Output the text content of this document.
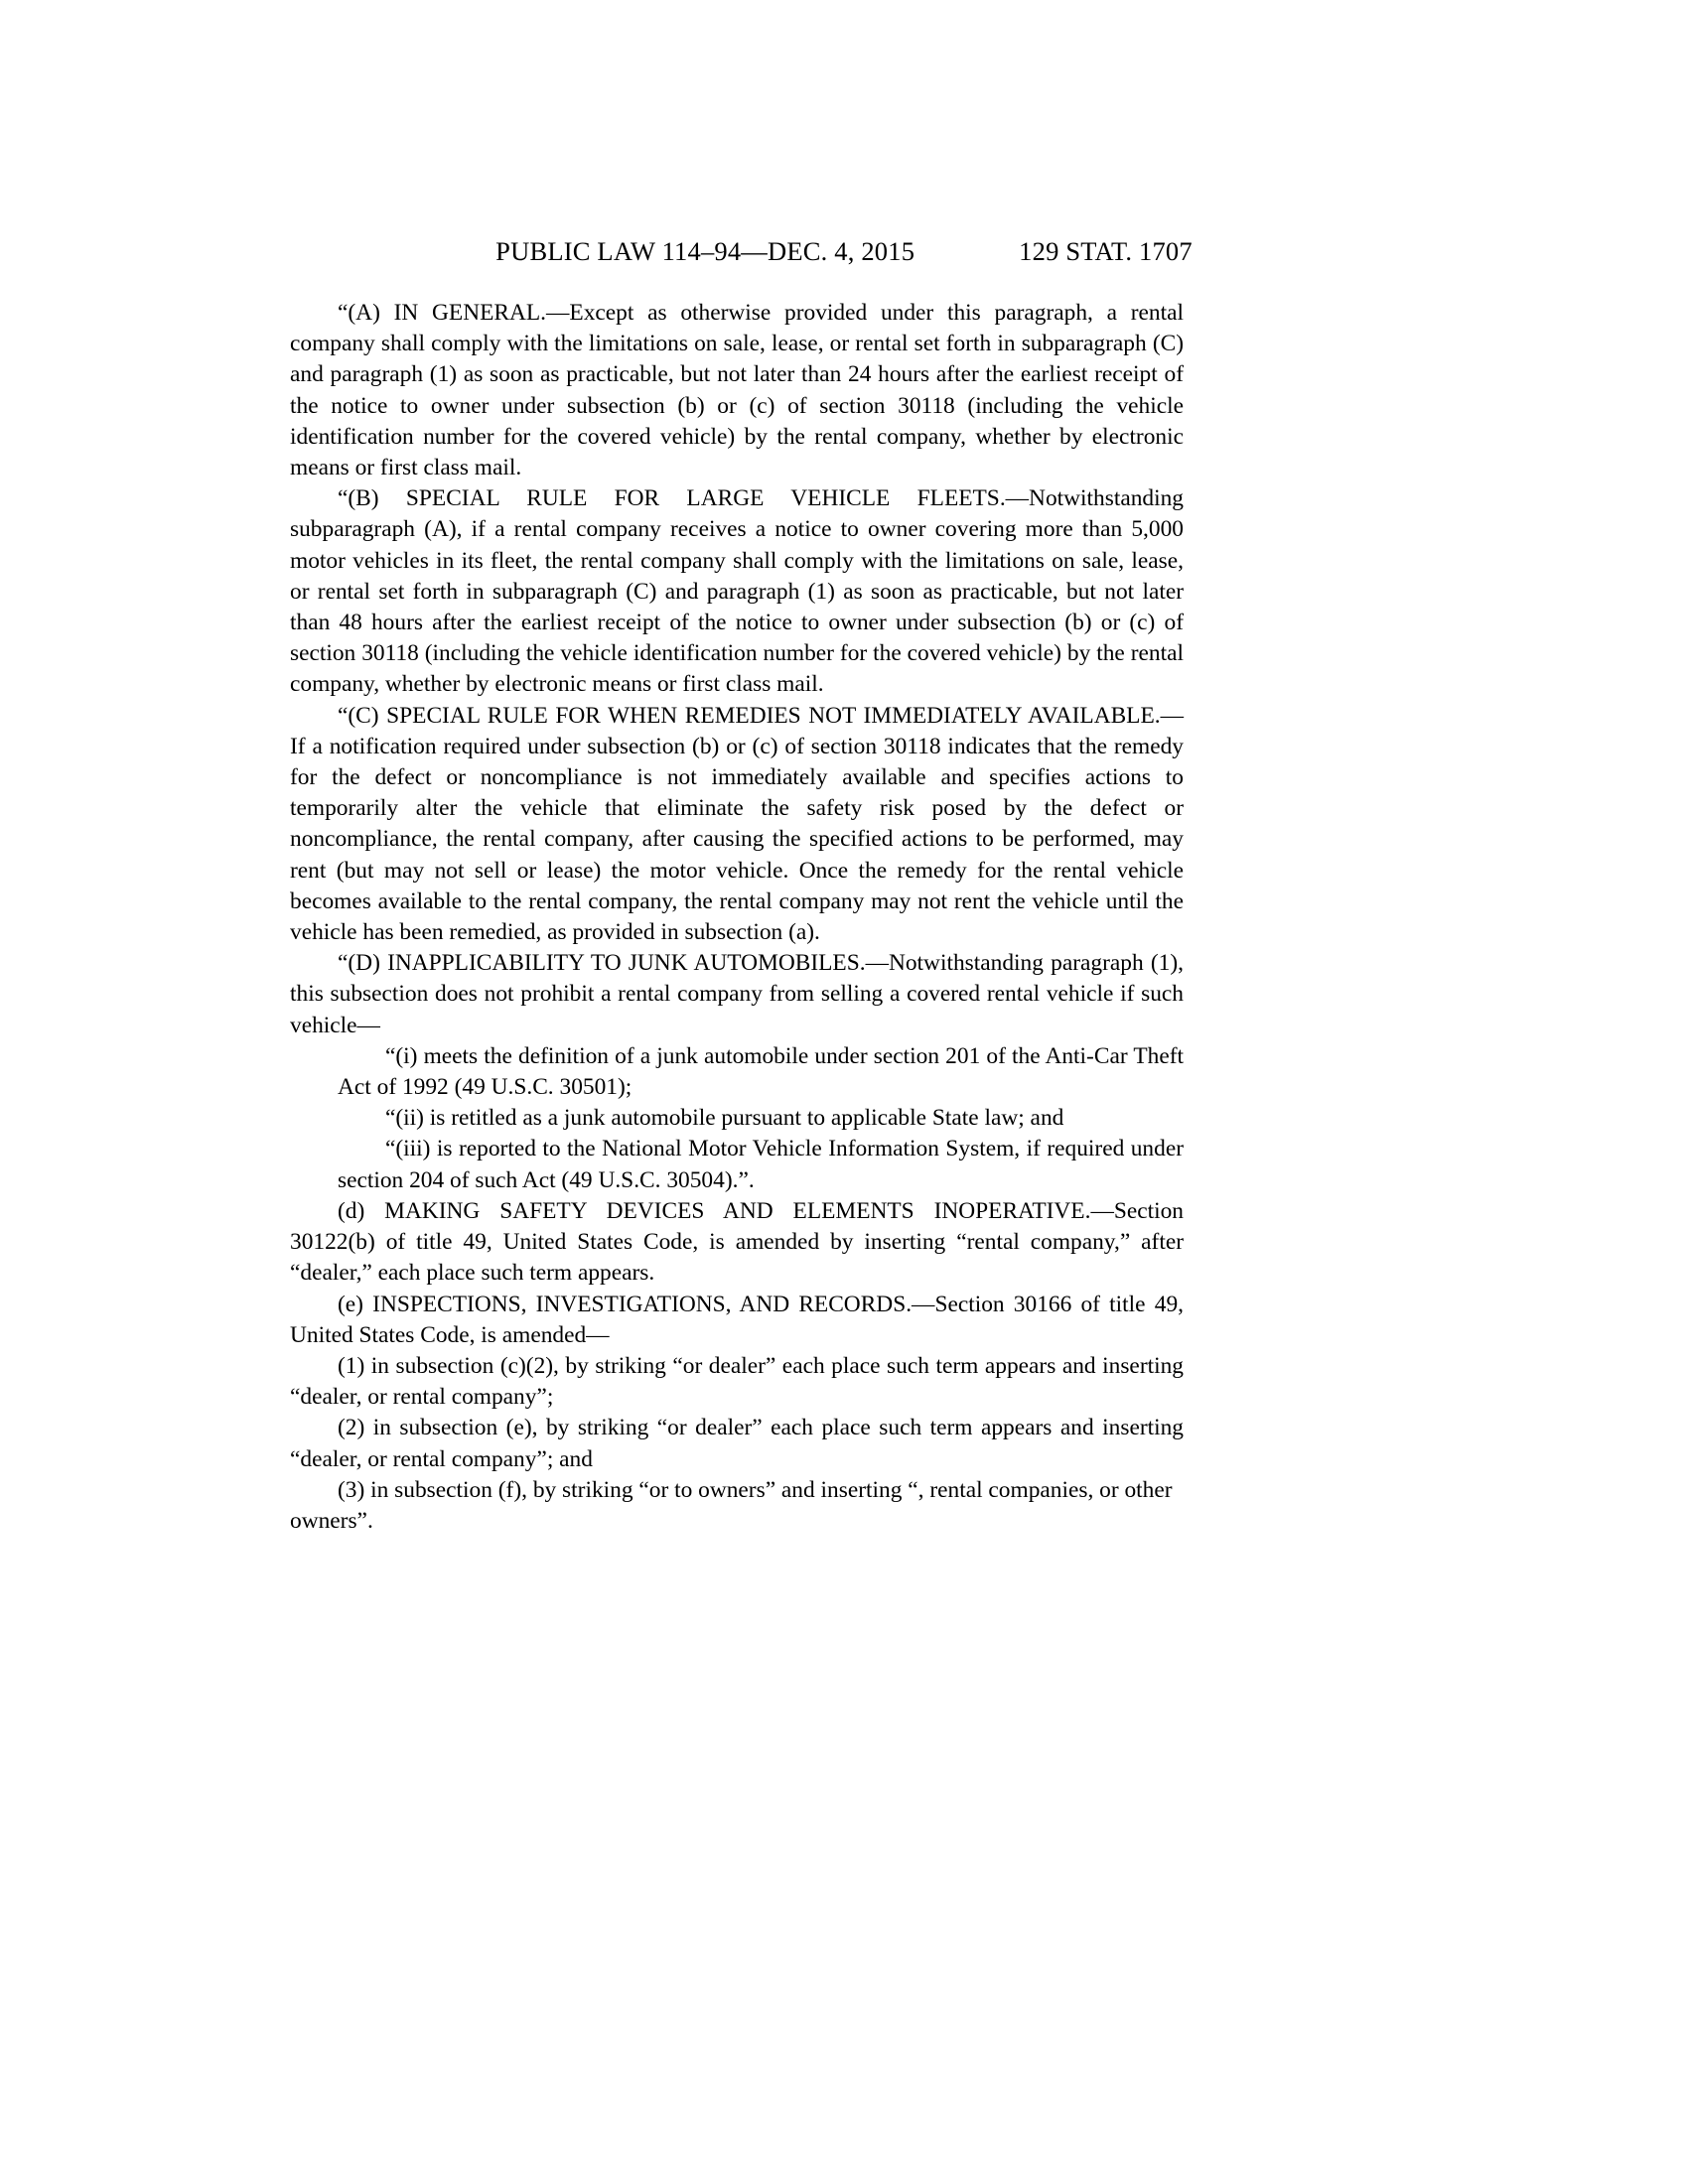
PUBLIC LAW 114–94—DEC. 4, 2015	129 STAT. 1707

“(A) IN GENERAL.—Except as otherwise provided under this paragraph, a rental company shall comply with the limitations on sale, lease, or rental set forth in subparagraph (C) and paragraph (1) as soon as practicable, but not later than 24 hours after the earliest receipt of the notice to owner under subsection (b) or (c) of section 30118 (including the vehicle identification number for the covered vehicle) by the rental company, whether by electronic means or first class mail.

“(B) SPECIAL RULE FOR LARGE VEHICLE FLEETS.—Notwithstanding subparagraph (A), if a rental company receives a notice to owner covering more than 5,000 motor vehicles in its fleet, the rental company shall comply with the limitations on sale, lease, or rental set forth in subparagraph (C) and paragraph (1) as soon as practicable, but not later than 48 hours after the earliest receipt of the notice to owner under subsection (b) or (c) of section 30118 (including the vehicle identification number for the covered vehicle) by the rental company, whether by electronic means or first class mail.

“(C) SPECIAL RULE FOR WHEN REMEDIES NOT IMMEDIATELY AVAILABLE.—If a notification required under subsection (b) or (c) of section 30118 indicates that the remedy for the defect or noncompliance is not immediately available and specifies actions to temporarily alter the vehicle that eliminate the safety risk posed by the defect or noncompliance, the rental company, after causing the specified actions to be performed, may rent (but may not sell or lease) the motor vehicle. Once the remedy for the rental vehicle becomes available to the rental company, the rental company may not rent the vehicle until the vehicle has been remedied, as provided in subsection (a).

“(D) INAPPLICABILITY TO JUNK AUTOMOBILES.—Notwithstanding paragraph (1), this subsection does not prohibit a rental company from selling a covered rental vehicle if such vehicle—

“(i) meets the definition of a junk automobile under section 201 of the Anti-Car Theft Act of 1992 (49 U.S.C. 30501);

“(ii) is retitled as a junk automobile pursuant to applicable State law; and

“(iii) is reported to the National Motor Vehicle Information System, if required under section 204 of such Act (49 U.S.C. 30504).”.

(d) MAKING SAFETY DEVICES AND ELEMENTS INOPERATIVE.—Section 30122(b) of title 49, United States Code, is amended by inserting “rental company,” after “dealer,” each place such term appears.

(e) INSPECTIONS, INVESTIGATIONS, AND RECORDS.—Section 30166 of title 49, United States Code, is amended—

(1) in subsection (c)(2), by striking “or dealer” each place such term appears and inserting “dealer, or rental company”;

(2) in subsection (e), by striking “or dealer” each place such term appears and inserting “dealer, or rental company”; and

(3) in subsection (f), by striking “or to owners” and inserting “, rental companies, or other owners”.
